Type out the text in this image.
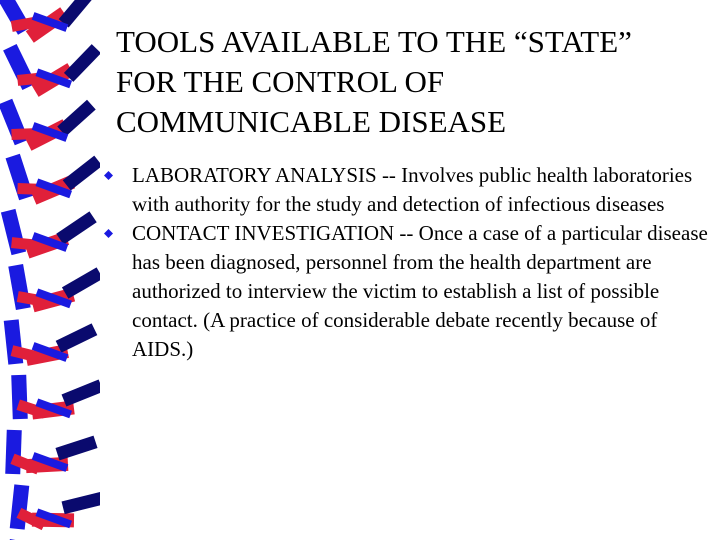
TOOLS AVAILABLE TO THE “STATE”
FOR THE CONTROL OF
COMMUNICABLE DISEASE
LABORATORY ANALYSIS -- Involves public health laboratories with authority for the study and detection of infectious diseases
CONTACT INVESTIGATION -- Once a case of a particular disease has been diagnosed, personnel from the health department are authorized to interview the victim to establish a list of possible contact. (A practice of considerable debate recently because of AIDS.)
